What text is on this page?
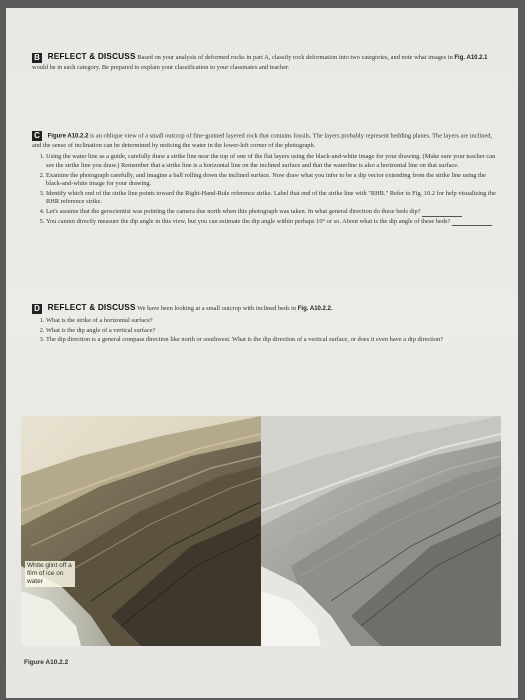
B REFLECT & DISCUSS Based on your analysis of deformed rocks in part A, classify rock deformation into two categories, and note what images in Fig. A10.2.1 would be in each category. Be prepared to explain your classification to your classmates and teacher.
C Figure A10.2.2 is an oblique view of a small outcrop of fine-grained layered rock that contains fossils. The layers probably represent bedding planes. The layers are inclined, and the sense of inclination can be determined by noticing the water in the lower-left corner of the photograph.
1. Using the water line as a guide, carefully draw a strike line near the top of one of the flat layers using the black-and-white image for your drawing. (Make sure your teacher can see the strike line you draw.) Remember that a strike line is a horizontal line on the inclined surface and that the waterline is also a horizontal line on that surface.
2. Examine the photograph carefully, and imagine a ball rolling down the inclined surface. Now draw what you infer to be a dip vector extending from the strike line using the black-and-white image for your drawing.
3. Identify which end of the strike line points toward the Right-Hand-Rule reference strike. Label that end of the strike line with "RHR." Refer to Fig. 10.2 for help visualizing the RHR reference strike.
4. Let's assume that the geoscientist was pointing the camera due north when this photograph was taken. In what general direction do these beds dip?
5. You cannot directly measure the dip angle in this view, but you can estimate the dip angle within perhaps 10° or so. About what is the dip angle of these beds?
D REFLECT & DISCUSS We have been looking at a small outcrop with inclined beds in Fig. A10.2.2.
1. What is the strike of a horizontal surface?
2. What is the dip angle of a vertical surface?
3. The dip direction is a general compass direction like north or southwest. What is the dip direction of a vertical surface, or does it even have a dip direction?
White glint off a film of ice on water
Figure A10.2.2
